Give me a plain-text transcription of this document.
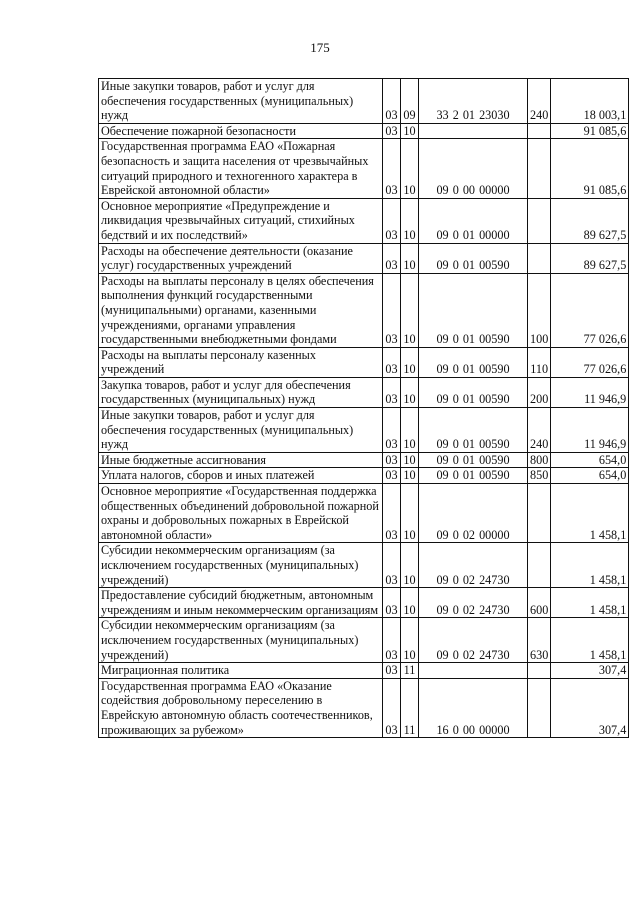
175
Иные закупки товаров, работ и услуг для обеспечения государственных (муниципальных) нужд	03	09	33 2 01 23030	240	18 003,1
Обеспечение пожарной безопасности	03	10			91 085,6
Государственная программа ЕАО «Пожарная безопасность и защита населения от чрезвычайных ситуаций природного и техногенного характера в Еврейской автономной области»	03	10	09 0 00 00000		91 085,6
Основное мероприятие «Предупреждение и ликвидация чрезвычайных ситуаций, стихийных бедствий и их последствий»	03	10	09 0 01 00000		89 627,5
Расходы на обеспечение деятельности (оказание услуг) государственных учреждений	03	10	09 0 01 00590		89 627,5
Расходы на выплаты персоналу в целях обеспечения выполнения функций государственными (муниципальными) органами, казенными учреждениями, органами управления государственными внебюджетными фондами	03	10	09 0 01 00590	100	77 026,6
Расходы на выплаты персоналу казенных учреждений	03	10	09 0 01 00590	110	77 026,6
Закупка товаров, работ и услуг для обеспечения государственных (муниципальных) нужд	03	10	09 0 01 00590	200	11 946,9
Иные закупки товаров, работ и услуг для обеспечения государственных (муниципальных) нужд	03	10	09 0 01 00590	240	11 946,9
Иные бюджетные ассигнования	03	10	09 0 01 00590	800	654,0
Уплата налогов, сборов и иных платежей	03	10	09 0 01 00590	850	654,0
Основное мероприятие «Государственная поддержка общественных объединений добровольной пожарной охраны и добровольных пожарных в Еврейской автономной области»	03	10	09 0 02 00000		1 458,1
Субсидии некоммерческим организациям (за исключением государственных (муниципальных) учреждений)	03	10	09 0 02 24730		1 458,1
Предоставление субсидий бюджетным, автономным учреждениям и иным некоммерческим организациям	03	10	09 0 02 24730	600	1 458,1
Субсидии некоммерческим организациям (за исключением государственных (муниципальных) учреждений)	03	10	09 0 02 24730	630	1 458,1
Миграционная политика	03	11			307,4
Государственная программа ЕАО «Оказание содействия добровольному переселению в Еврейскую автономную область соотечественников, проживающих за рубежом»	03	11	16 0 00 00000		307,4
